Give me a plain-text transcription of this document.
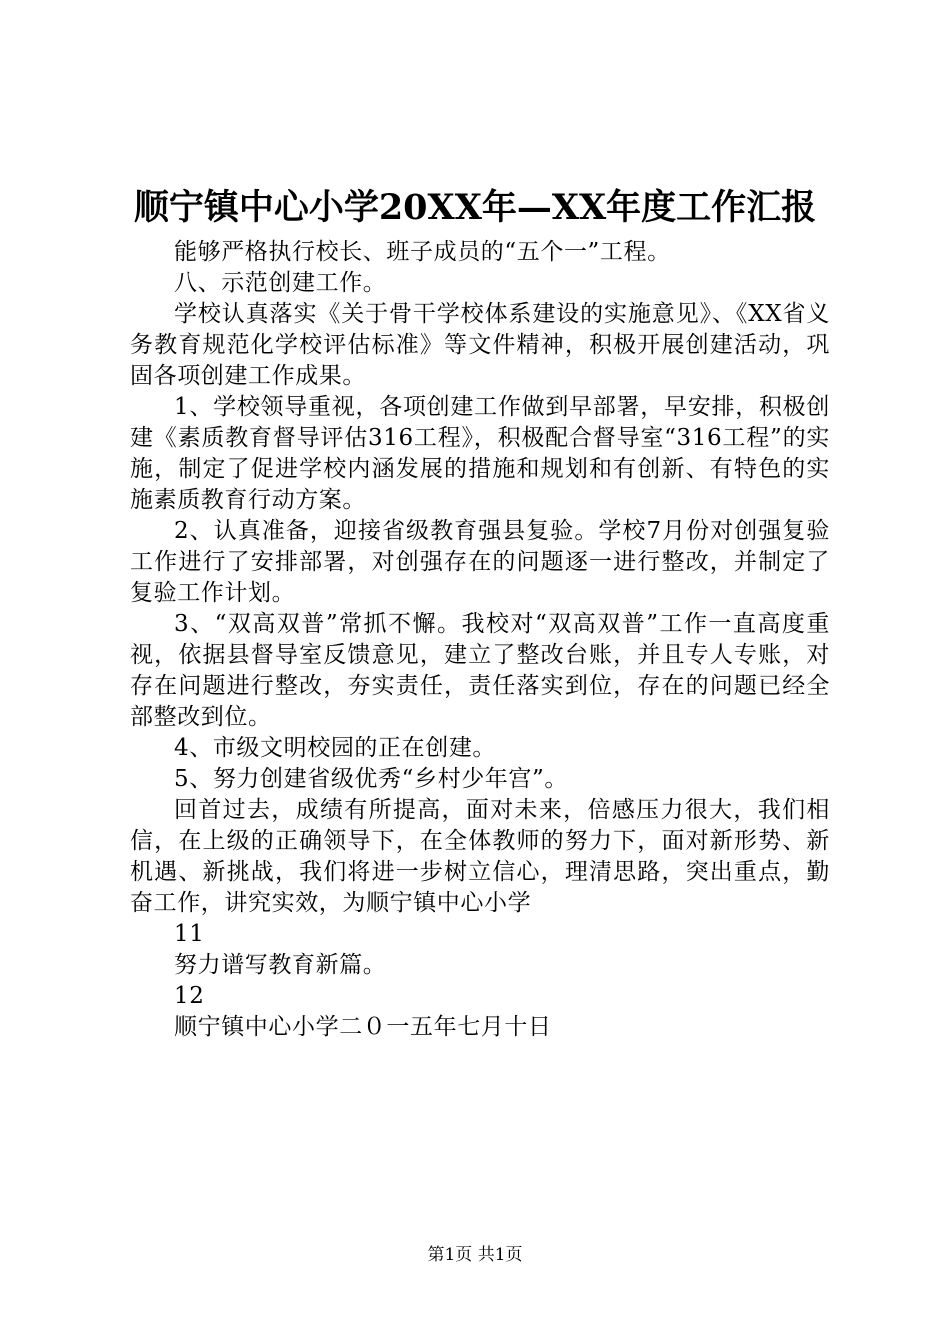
顺宁镇中心小学20XX年—XX年度工作汇报

能够严格执行校长、班子成员的“五个一”工程。

八、示范创建工作。

学校认真落实《关于骨干学校体系建设的实施意见》、《XX省义务教育规范化学校评估标准》等文件精神，积极开展创建活动，巩固各项创建工作成果。

1、学校领导重视，各项创建工作做到早部署，早安排，积极创建《素质教育督导评估316工程》，积极配合督导室“316工程”的实施，制定了促进学校内涵发展的措施和规划和有创新、有特色的实施素质教育行动方案。

2、认真准备，迎接省级教育强县复验。学校7月份对创强复验工作进行了安排部署，对创强存在的问题逐一进行整改，并制定了复验工作计划。

3、“双高双普”常抓不懈。我校对“双高双普”工作一直高度重视，依据县督导室反馈意见，建立了整改台账，并且专人专账，对存在问题进行整改，夯实责任，责任落实到位，存在的问题已经全部整改到位。

4、市级文明校园的正在创建。

5、努力创建省级优秀“乡村少年宫”。

回首过去，成绩有所提高，面对未来，倍感压力很大，我们相信，在上级的正确领导下，在全体教师的努力下，面对新形势、新机遇、新挑战，我们将进一步树立信心，理清思路，突出重点，勤奋工作，讲究实效，为顺宁镇中心小学

11

努力谱写教育新篇。

12

顺宁镇中心小学二０一五年七月十日

第1页 共1页
